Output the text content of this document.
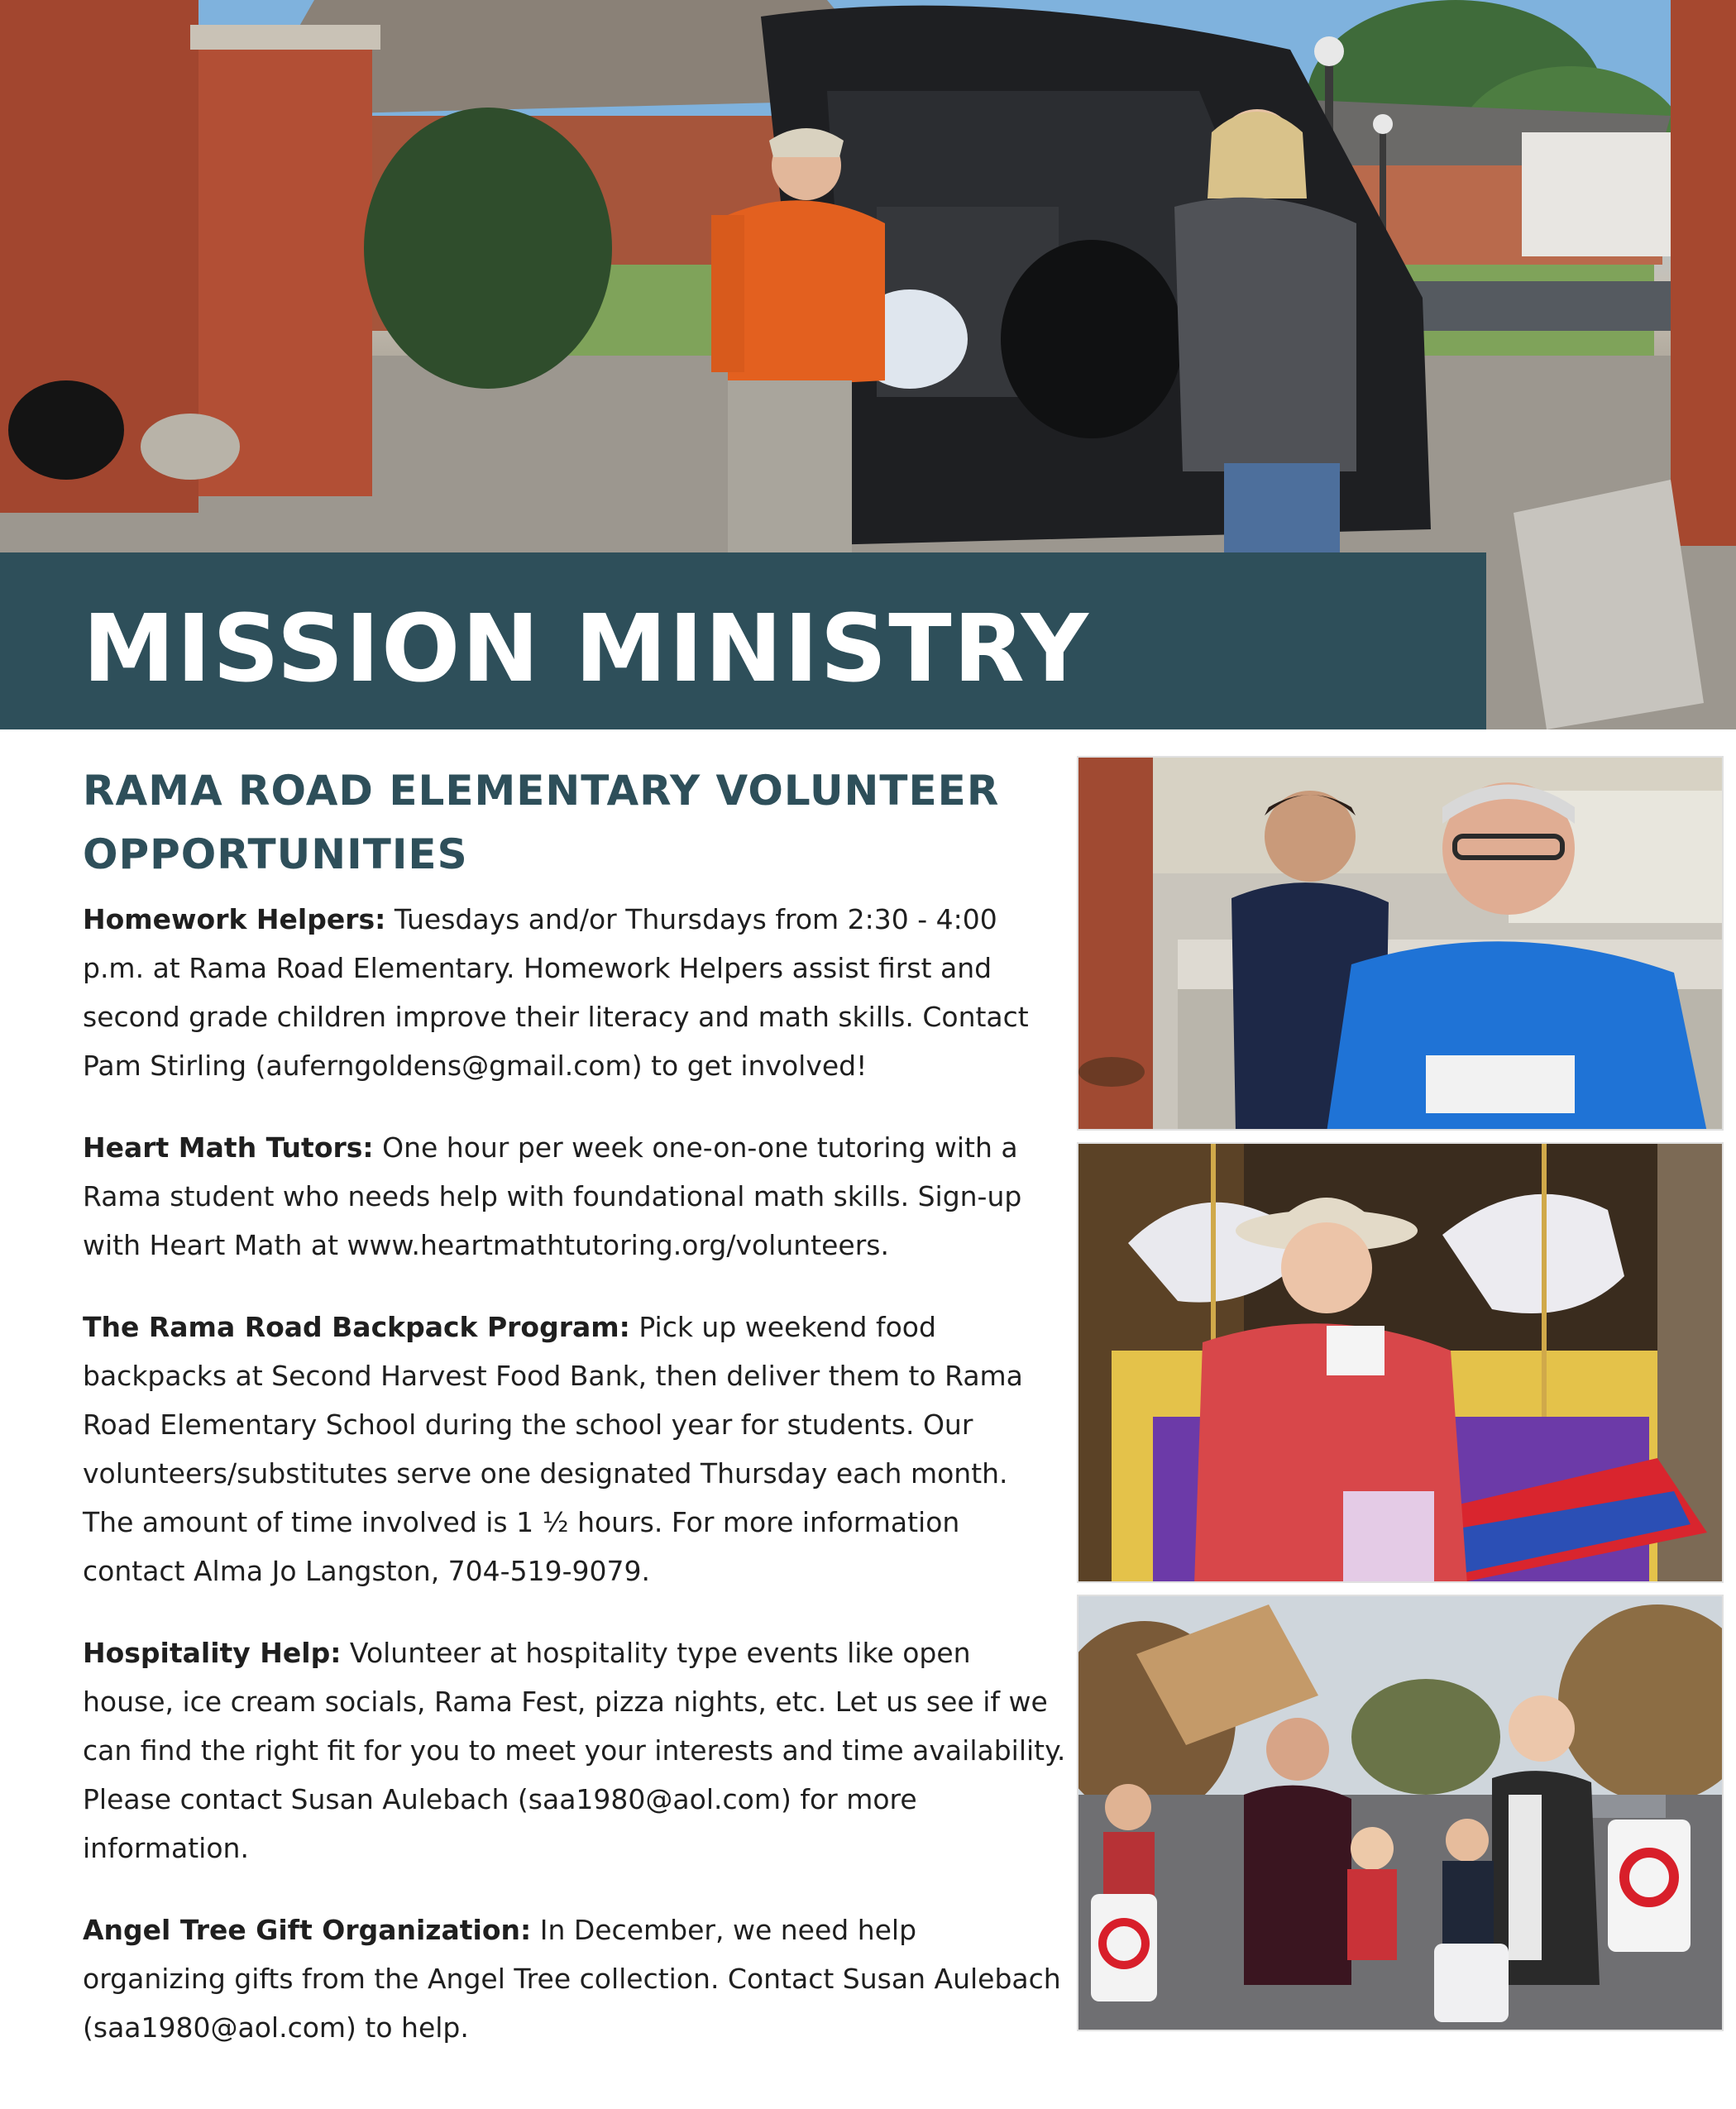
MISSION MINISTRY
RAMA ROAD ELEMENTARY VOLUNTEER OPPORTUNITIES

Homework Helpers: Tuesdays and/or Thursdays from 2:30 - 4:00 p.m. at Rama Road Elementary. Homework Helpers assist first and second grade children improve their literacy and math skills. Contact Pam Stirling (auferngoldens@gmail.com) to get involved!

Heart Math Tutors: One hour per week one-on-one tutoring with a Rama student who needs help with foundational math skills. Sign-up with Heart Math at www.heartmathtutoring.org/volunteers.

The Rama Road Backpack Program: Pick up weekend food backpacks at Second Harvest Food Bank, then deliver them to Rama Road Elementary School during the school year for students. Our volunteers/substitutes serve one designated Thursday each month. The amount of time involved is 1 ½ hours. For more information contact Alma Jo Langston, 704-519-9079.

Hospitality Help: Volunteer at hospitality type events like open house, ice cream socials, Rama Fest, pizza nights, etc. Let us see if we can find the right fit for you to meet your interests and time availability. Please contact Susan Aulebach (saa1980@aol.com) for more information.

Angel Tree Gift Organization: In December, we need help organizing gifts from the Angel Tree collection. Contact Susan Aulebach (saa1980@aol.com) to help.
